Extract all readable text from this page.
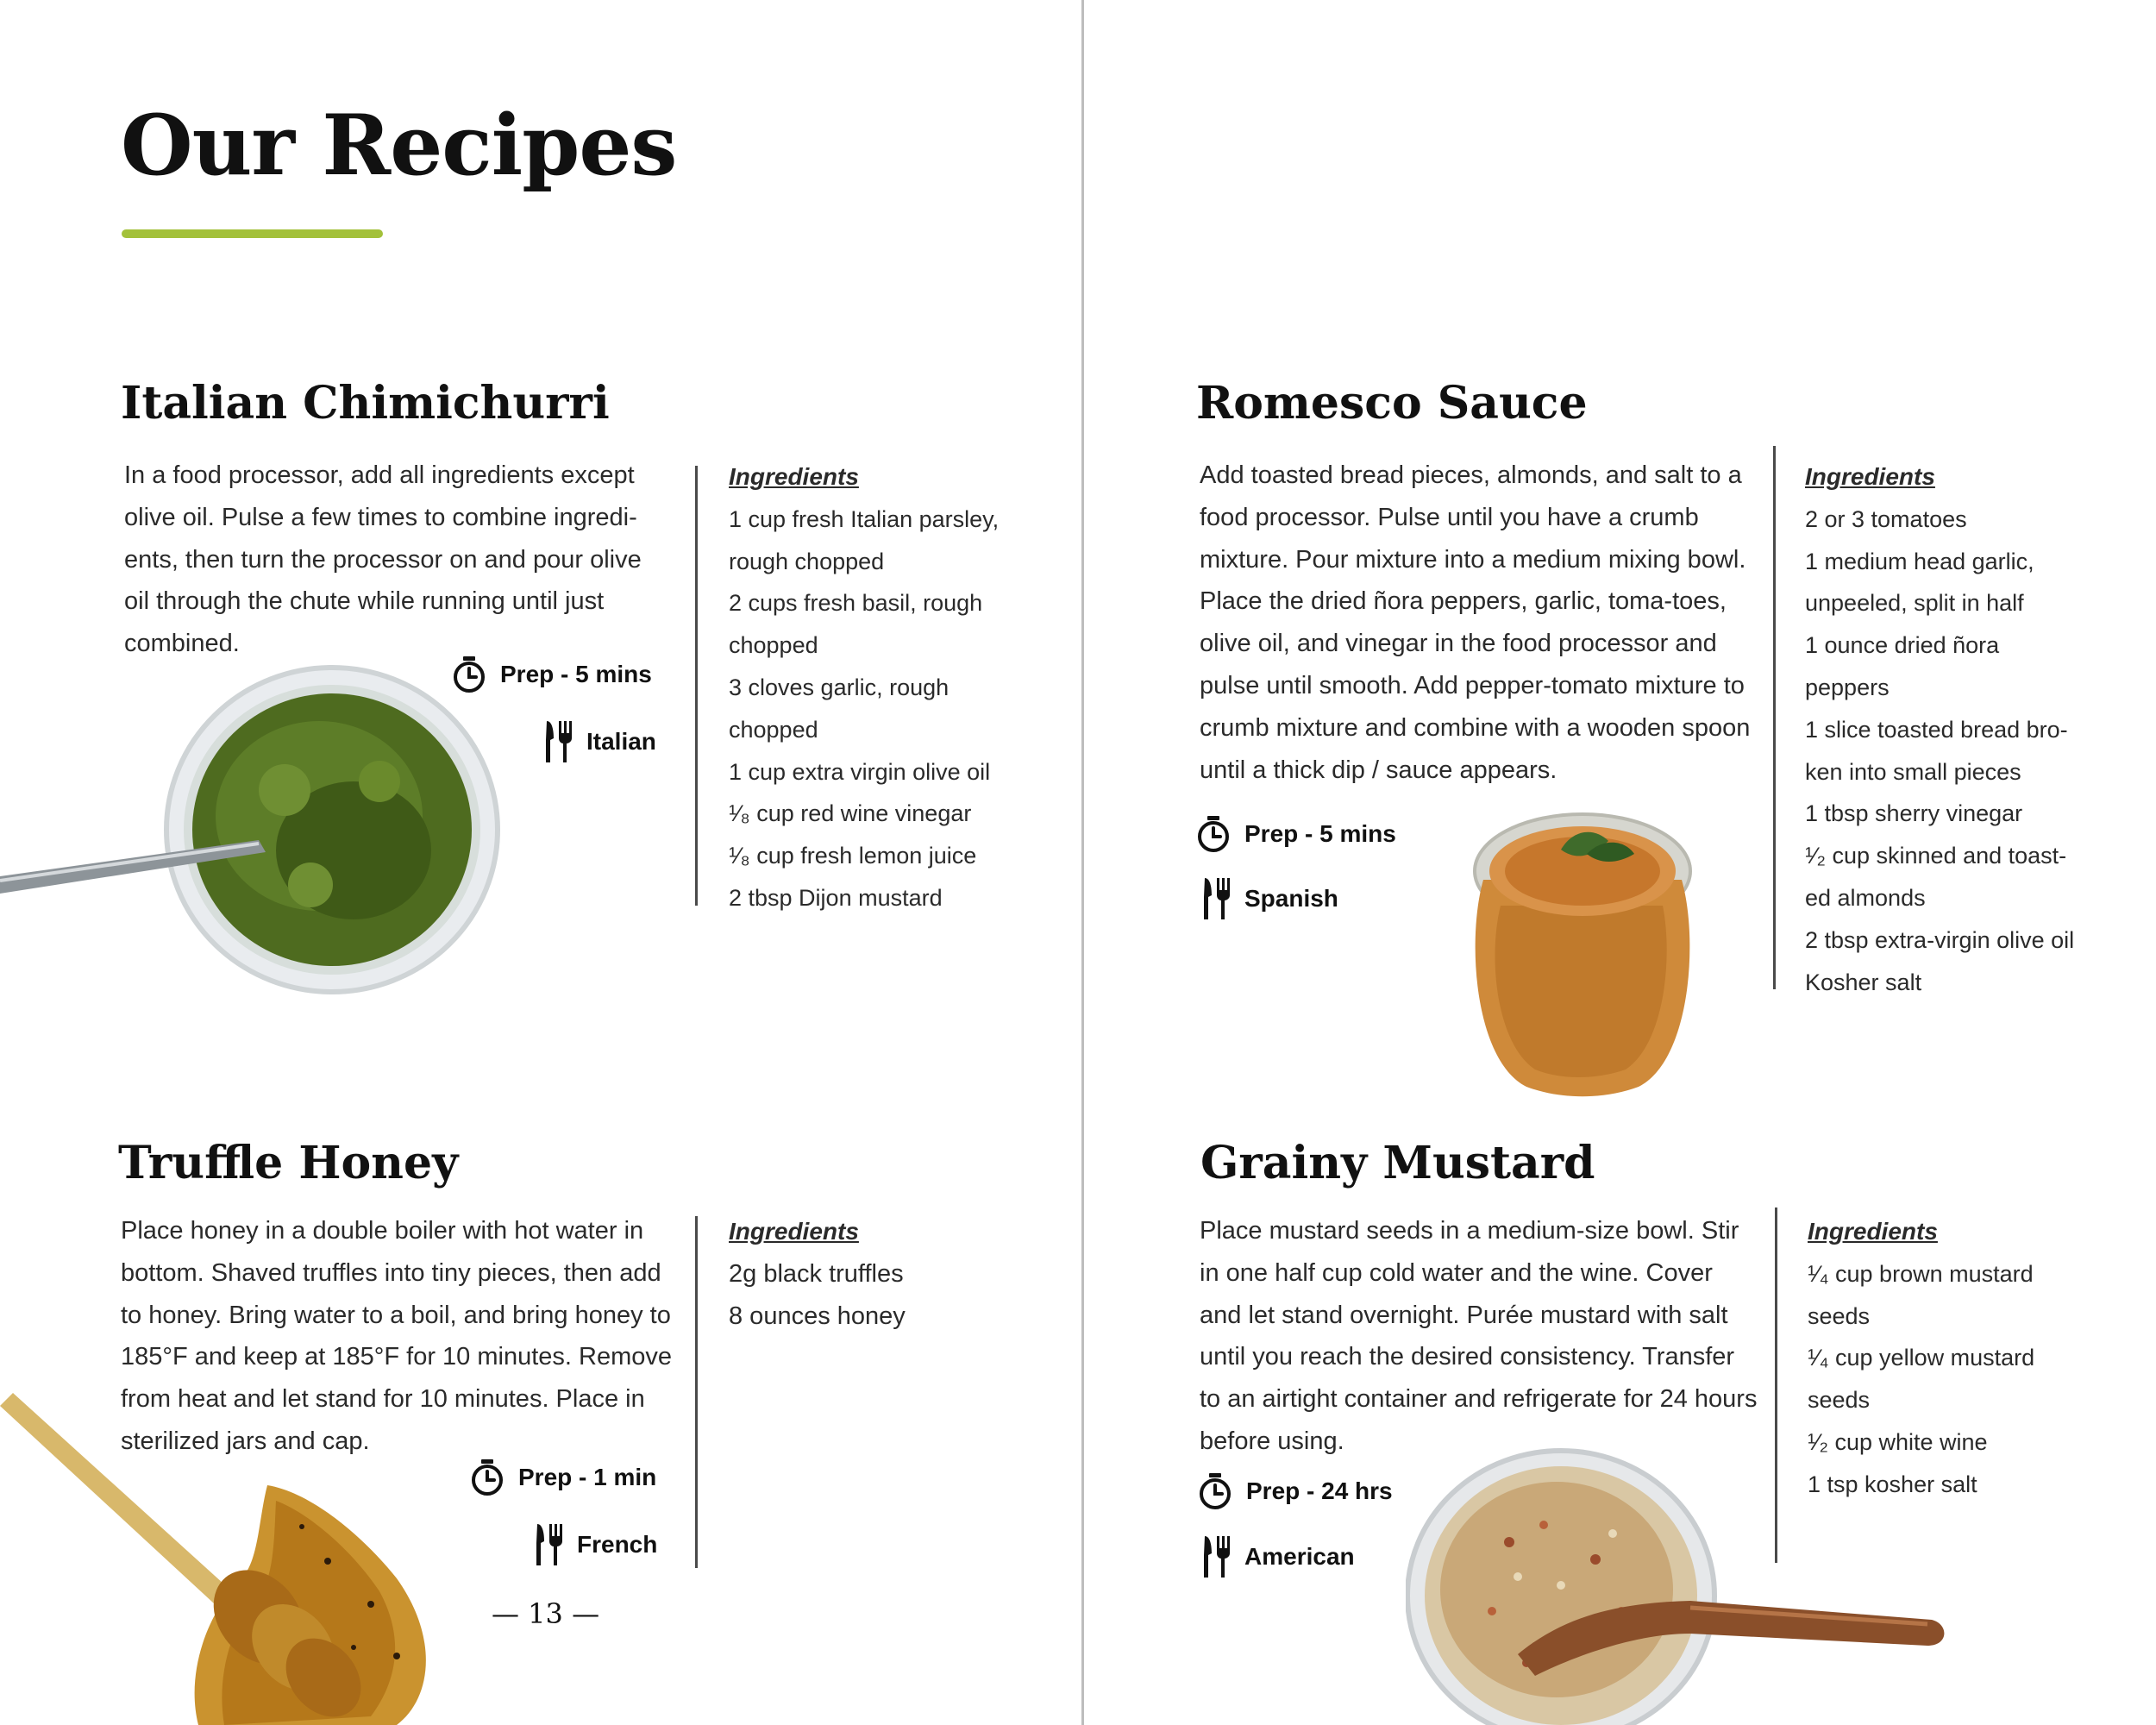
Our Recipes
Italian Chimichurri
In a food processor, add all ingredients except olive oil. Pulse a few times to combine ingredi-ents, then turn the processor on and pour olive oil through the chute while running until just combined.
Ingredients
1 cup fresh Italian parsley,
rough chopped
2 cups fresh basil, rough
chopped
3 cloves garlic, rough
chopped
1 cup extra virgin olive oil
¹⁄₈ cup red wine vinegar
¹⁄₈ cup fresh lemon juice
2 tbsp Dijon mustard
Prep - 5 mins
Italian
Romesco Sauce
Add toasted bread pieces, almonds, and salt to a food processor. Pulse until you have a crumb mixture. Pour mixture into a medium mixing bowl. Place the dried ñora peppers, garlic, toma-toes, olive oil, and vinegar in the food processor and pulse until smooth. Add pepper-tomato mixture to crumb mixture and combine with a wooden spoon until a thick dip / sauce appears.
Ingredients
2 or 3 tomatoes
1 medium head garlic,
unpeeled, split in half
1 ounce dried ñora
peppers
1 slice toasted bread bro-
ken into small pieces
1 tbsp sherry vinegar
¹⁄₂ cup skinned and toast-
ed almonds
2 tbsp extra-virgin olive oil
Kosher salt
Prep - 5 mins
Spanish
Truffle Honey
Place honey in a double boiler with hot water in bottom. Shaved truffles into tiny pieces, then add to honey. Bring water to a boil, and bring honey to 185°F and keep at 185°F for 10 minutes. Remove from heat and let stand for 10 minutes. Place in sterilized jars and cap.
Ingredients
2g black truffles
8 ounces honey
Prep - 1 min
French
— 13 —
Grainy Mustard
Place mustard seeds in a medium-size bowl. Stir in one half cup cold water and the wine. Cover and let stand overnight. Purée mustard with salt until you reach the desired consistency. Transfer to an airtight container and refrigerate for 24 hours before using.
Ingredients
¹⁄₄ cup brown mustard
seeds
¹⁄₄ cup yellow mustard
seeds
¹⁄₂ cup white wine
1 tsp kosher salt
Prep - 24 hrs
American
